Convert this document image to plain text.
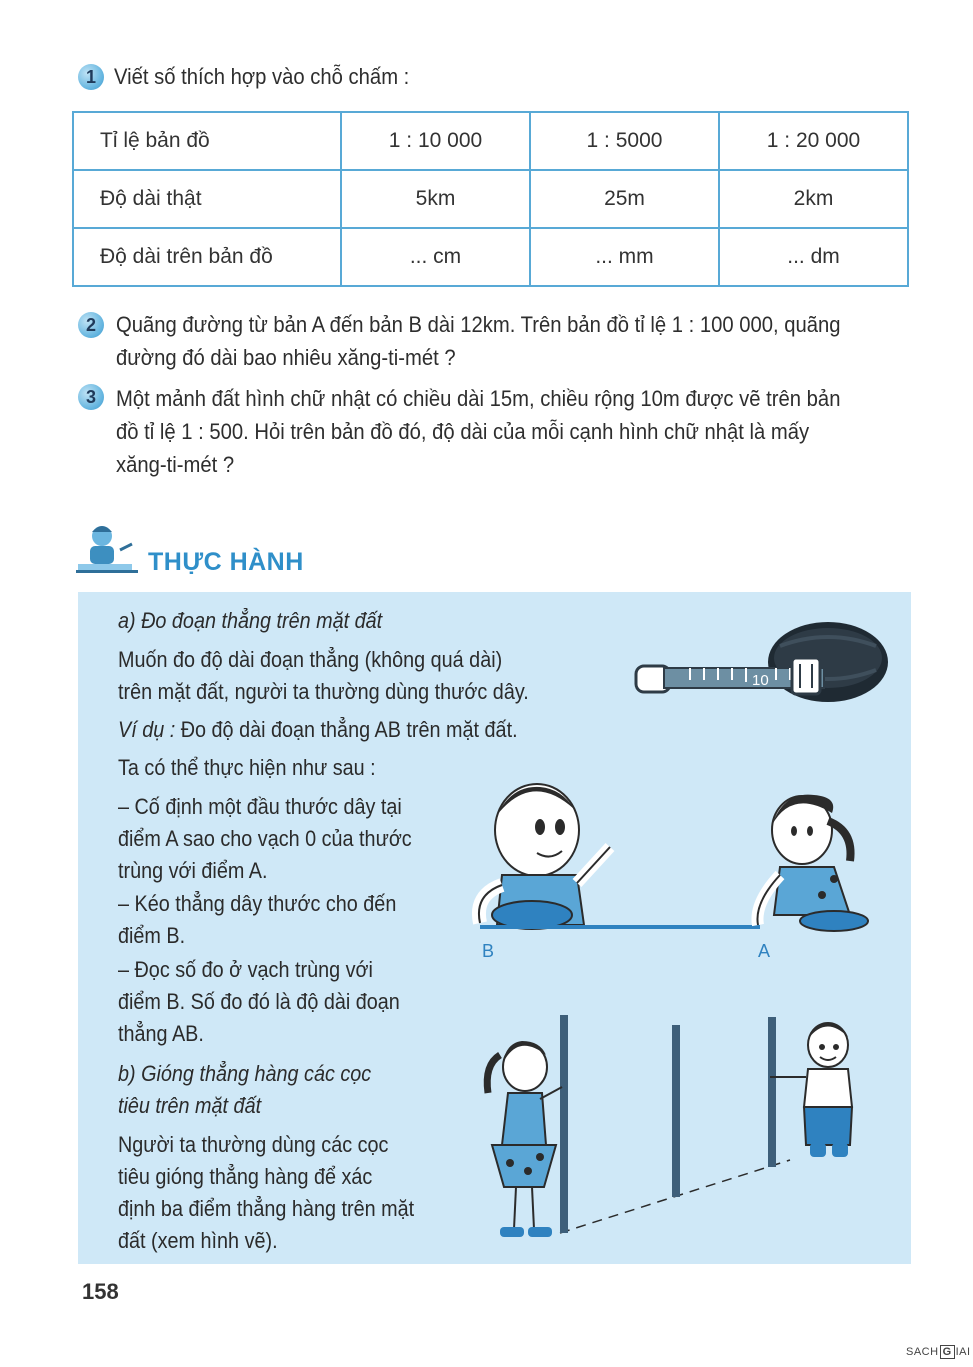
1 Viết số thích hợp vào chỗ chấm :
Tỉ lệ bản đồ	1 : 10 000	1 : 5000	1 : 20 000
Độ dài thật	5km	25m	2km
Độ dài trên bản đồ	... cm	... mm	... dm
2 Quãng đường từ bản A đến bản B dài 12km. Trên bản đồ tỉ lệ 1 : 100 000, quãng
đường đó dài bao nhiêu xăng-ti-mét ?
3 Một mảnh đất hình chữ nhật có chiều dài 15m, chiều rộng 10m được vẽ trên bản
đồ tỉ lệ 1 : 500. Hỏi trên bản đồ đó, độ dài của mỗi cạnh hình chữ nhật là mấy
xăng-ti-mét ?
THỰC HÀNH
a) Đo đoạn thẳng trên mặt đất
Muốn đo độ dài đoạn thẳng (không quá dài)
trên mặt đất, người ta thường dùng thước dây.
Ví dụ : Đo độ dài đoạn thẳng AB trên mặt đất.
Ta có thể thực hiện như sau :
– Cố định một đầu thước dây tại
điểm A sao cho vạch 0 của thước
trùng với điểm A.
– Kéo thẳng dây thước cho đến
điểm B.
– Đọc số đo ở vạch trùng với
điểm B. Số đo đó là độ dài đoạn
thẳng AB.
b) Gióng thẳng hàng các cọc
tiêu trên mặt đất
Người ta thường dùng các cọc
tiêu gióng thẳng hàng để xác
định ba điểm thẳng hàng trên mặt
đất (xem hình vẽ).
10
B	A
158
SACH G IAI
